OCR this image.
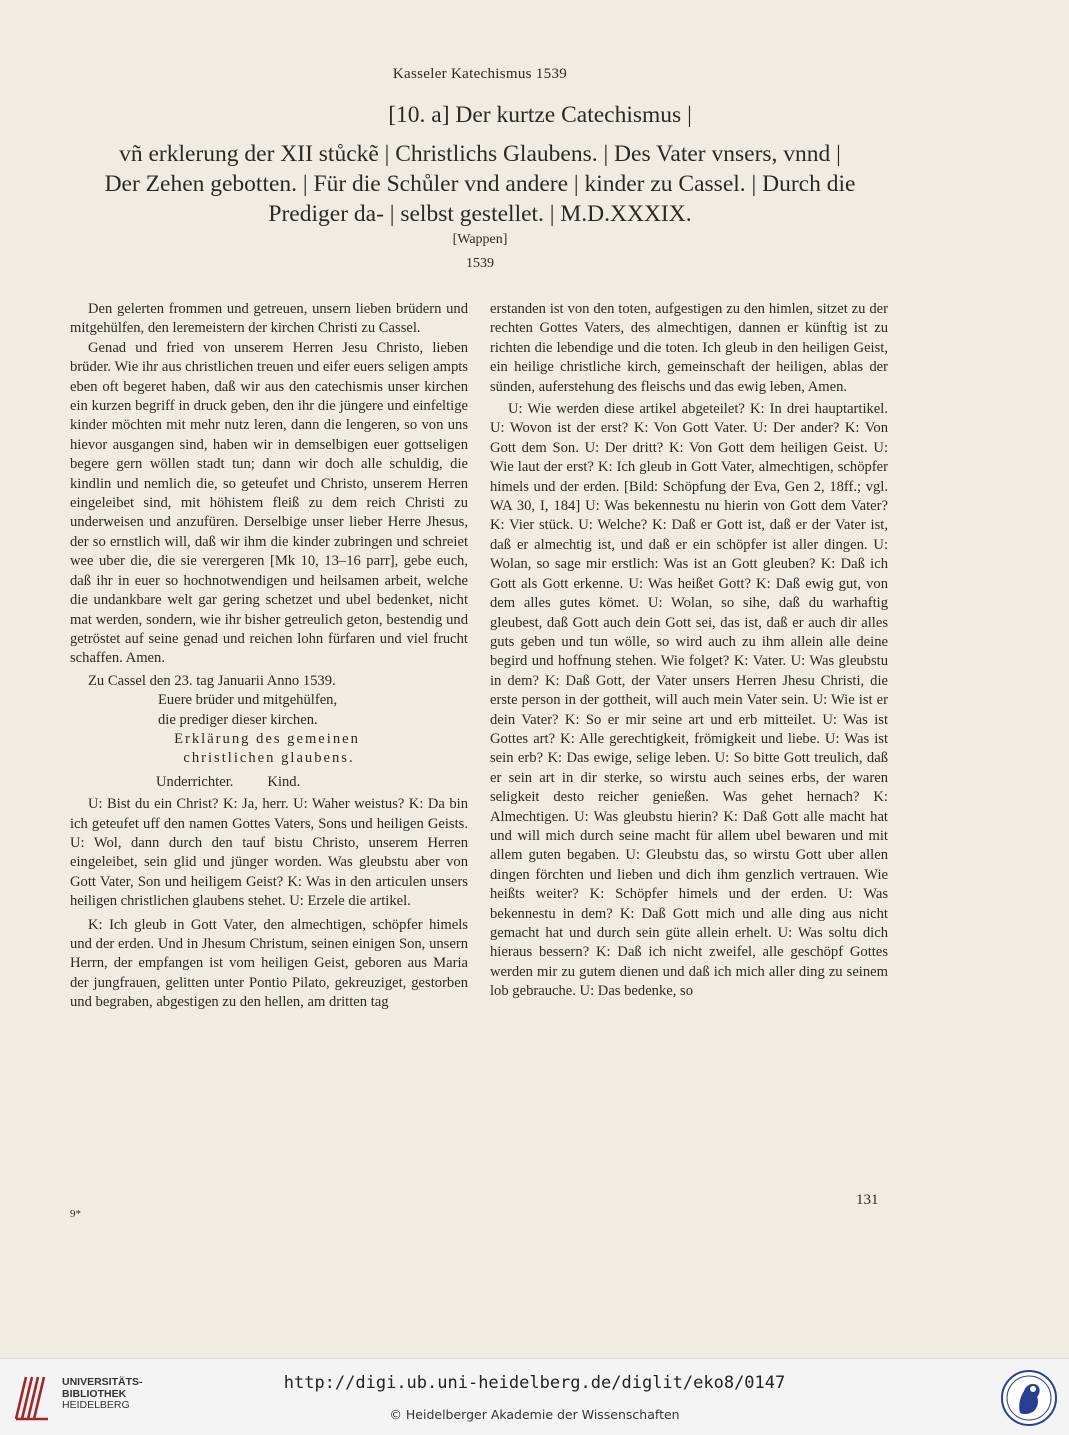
Kasseler Katechismus 1539
[10. a] Der kurtze Catechismus |
vñ erklerung der XII stůckẽ | Christlichs Glaubens. | Des Vater vnsers, vnnd |
Der Zehen gebotten. | Für die Schůler vnd andere | kinder zu Cassel. | Durch die
Prediger da- | selbst gestellet. | M.D.XXXIX.
[Wappen]
1539

Den gelerten frommen und getreuen, unsern lieben brüdern und mitgehülfen, den leremeistern der kirchen Christi zu Cassel.

Genad und fried von unserem Herren Jesu Christo, lieben brüder. Wie ihr aus christlichen treuen und eifer euers seligen ampts eben oft begeret haben, daß wir aus den catechismis unser kirchen ein kurzen begriff in druck geben, den ihr die jüngere und einfeltige kinder möchten mit mehr nutz leren, dann die lengeren, so von uns hievor ausgangen sind, haben wir in demselbigen euer gottseligen begere gern wöllen stadt tun; dann wir doch alle schuldig, die kindlin und nemlich die, so geteufet und Christo, unserem Herren eingeleibet sind, mit höhistem fleiß zu dem reich Christi zu underweisen und anzufüren. Derselbige unser lieber Herre Jhesus, der so ernstlich will, daß wir ihm die kinder zubringen und schreiet wee uber die, die sie verergeren [Mk 10, 13–16 parr], gebe euch, daß ihr in euer so hochnotwendigen und heilsamen arbeit, welche die undankbare welt gar gering schetzet und ubel bedenket, nicht mat werden, sondern, wie ihr bisher getreulich geton, bestendig und getröstet auf seine genad und reichen lohn fürfaren und viel frucht schaffen. Amen.

Zu Cassel den 23. tag Januarii Anno 1539.

Euere brüder und mitgehülfen,

die prediger dieser kirchen.

Erklärung des gemeinen

christlichen glaubens.

Underrichter. Kind.

U: Bist du ein Christ? K: Ja, herr. U: Waher weistus? K: Da bin ich geteufet uff den namen Gottes Vaters, Sons und heiligen Geists. U: Wol, dann durch den tauf bistu Christo, unserem Herren eingeleibet, sein glid und jünger worden. Was gleubstu aber von Gott Vater, Son und heiligem Geist? K: Was in den articulen unsers heiligen christlichen glaubens stehet. U: Erzele die artikel.

K: Ich gleub in Gott Vater, den almechtigen, schöpfer himels und der erden. Und in Jhesum Christum, seinen einigen Son, unsern Herrn, der empfangen ist vom heiligen Geist, geboren aus Maria der jungfrauen, gelitten unter Pontio Pilato, gekreuziget, gestorben und begraben, abgestigen zu den hellen, am dritten tag

erstanden ist von den toten, aufgestigen zu den himlen, sitzet zu der rechten Gottes Vaters, des almechtigen, dannen er künftig ist zu richten die lebendige und die toten. Ich gleub in den heiligen Geist, ein heilige christliche kirch, gemeinschaft der heiligen, ablas der sünden, auferstehung des fleischs und das ewig leben, Amen.

U: Wie werden diese artikel abgeteilet? K: In drei hauptartikel. U: Wovon ist der erst? K: Von Gott Vater. U: Der ander? K: Von Gott dem Son. U: Der dritt? K: Von Gott dem heiligen Geist. U: Wie laut der erst? K: Ich gleub in Gott Vater, almechtigen, schöpfer himels und der erden. [Bild: Schöpfung der Eva, Gen 2, 18ff.; vgl. WA 30, I, 184] U: Was bekennestu nu hierin von Gott dem Vater? K: Vier stück. U: Welche? K: Daß er Gott ist, daß er der Vater ist, daß er almechtig ist, und daß er ein schöpfer ist aller dingen. U: Wolan, so sage mir erstlich: Was ist an Gott gleuben? K: Daß ich Gott als Gott erkenne. U: Was heißet Gott? K: Daß ewig gut, von dem alles gutes kömet. U: Wolan, so sihe, daß du warhaftig gleubest, daß Gott auch dein Gott sei, das ist, daß er auch dir alles guts geben und tun wölle, so wird auch zu ihm allein alle deine begird und hoffnung stehen. Wie folget? K: Vater. U: Was gleubstu in dem? K: Daß Gott, der Vater unsers Herren Jhesu Christi, die erste person in der gottheit, will auch mein Vater sein. U: Wie ist er dein Vater? K: So er mir seine art und erb mitteilet. U: Was ist Gottes art? K: Alle gerechtigkeit, frömigkeit und liebe. U: Was ist sein erb? K: Das ewige, selige leben. U: So bitte Gott treulich, daß er sein art in dir sterke, so wirstu auch seines erbs, der waren seligkeit desto reicher genießen. Was gehet hernach? K: Almechtigen. U: Was gleubstu hierin? K: Daß Gott alle macht hat und will mich durch seine macht für allem ubel bewaren und mit allem guten begaben. U: Gleubstu das, so wirstu Gott uber allen dingen förchten und lieben und dich ihm genzlich vertrauen. Wie heißts weiter? K: Schöpfer himels und der erden. U: Was bekennestu in dem? K: Daß Gott mich und alle ding aus nicht gemacht hat und durch sein güte allein erhelt. U: Was soltu dich hieraus bessern? K: Daß ich nicht zweifel, alle geschöpf Gottes werden mir zu gutem dienen und daß ich mich aller ding zu seinem lob gebrauche. U: Das bedenke, so

131
9*
UNIVERSITÄTS-
BIBLIOTHEK
HEIDELBERG
http://digi.ub.uni-heidelberg.de/diglit/eko8/0147
© Heidelberger Akademie der Wissenschaften
